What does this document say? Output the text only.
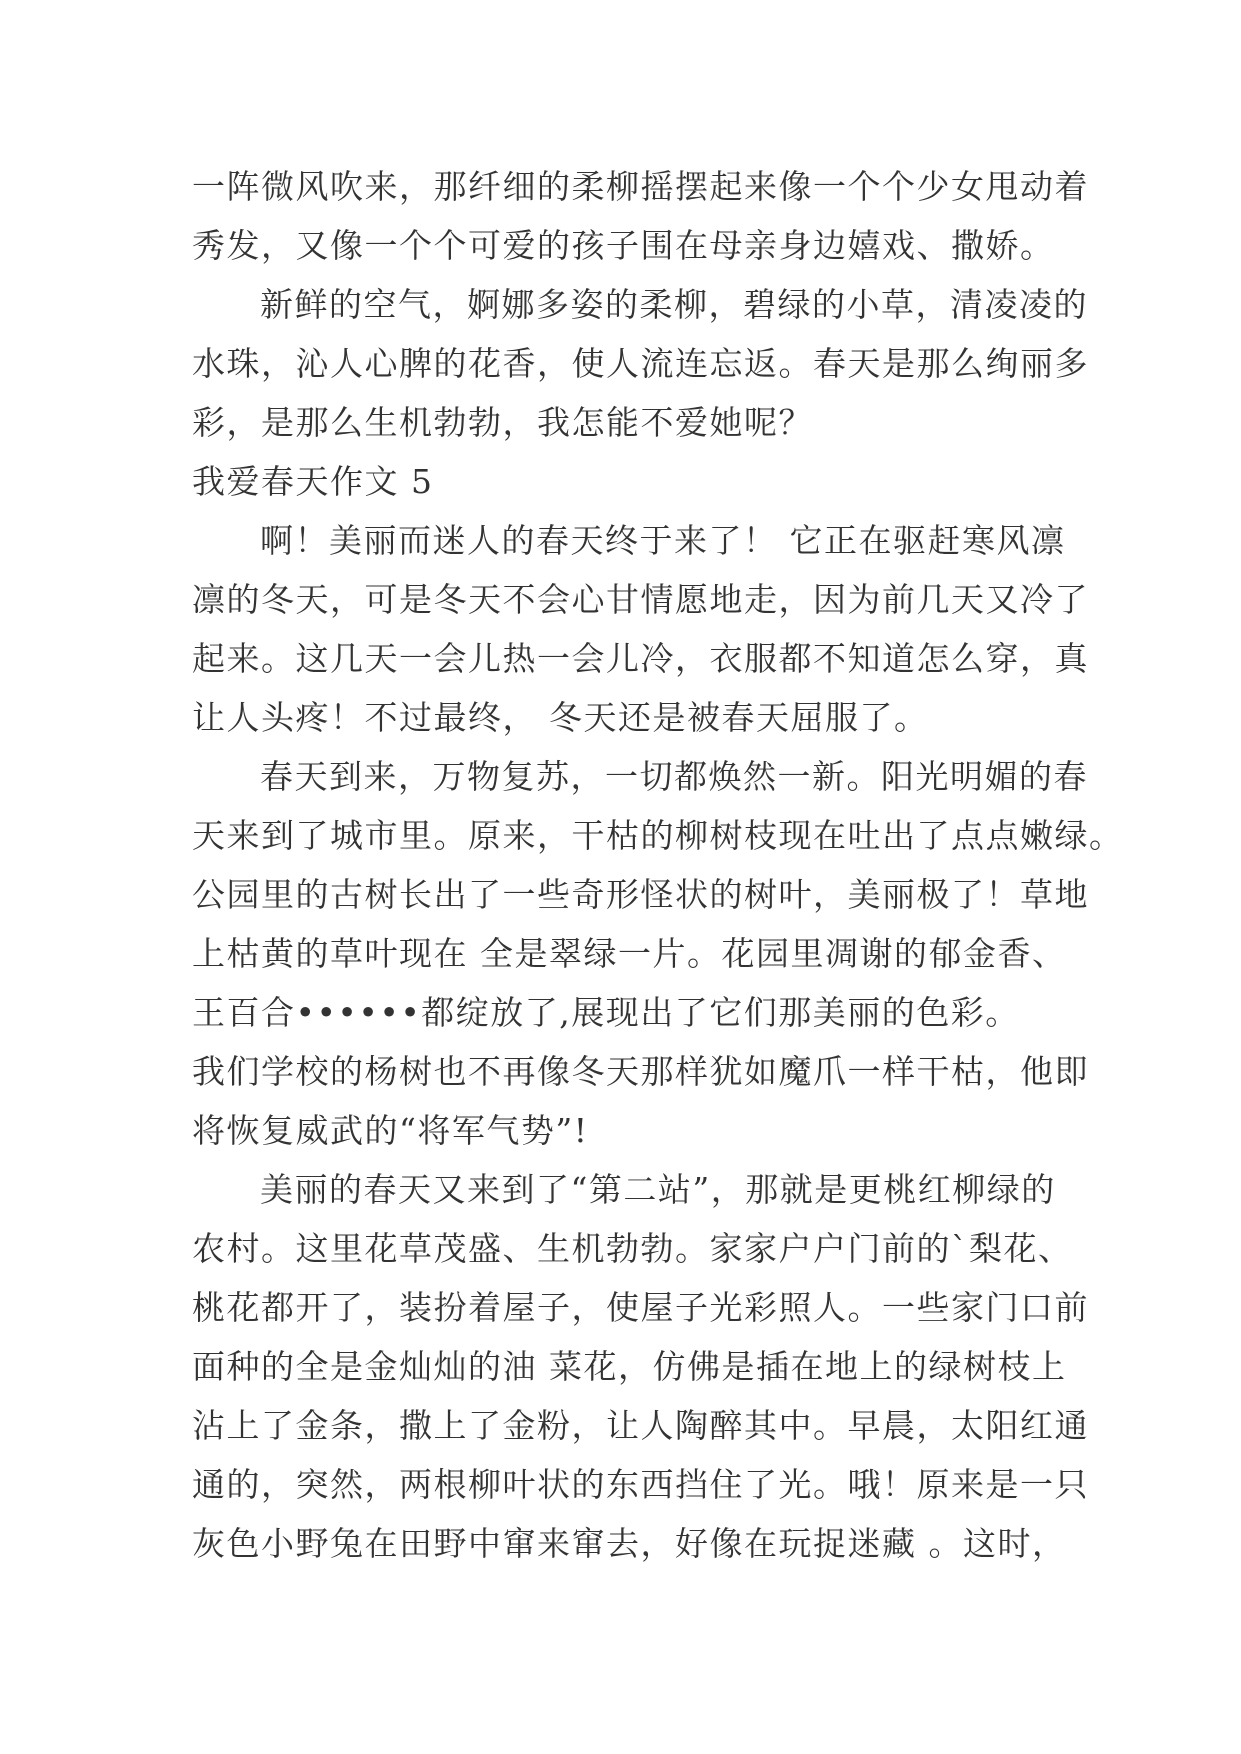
一阵微风吹来，那纤细的柔柳摇摆起来像一个个少女甩动着
秀发，又像一个个可爱的孩子围在母亲身边嬉戏、撒娇。
新鲜的空气，婀娜多姿的柔柳，碧绿的小草，清凌凌的
水珠，沁人心脾的花香，使人流连忘返。春天是那么绚丽多
彩，是那么生机勃勃，我怎能不爱她呢？
我爱春天作文 5
啊！美丽而迷人的春天终于来了！ 它正在驱赶寒风凛
凛的冬天，可是冬天不会心甘情愿地走，因为前几天又冷了
起来。这几天一会儿热一会儿冷，衣服都不知道怎么穿，真
让人头疼！不过最终， 冬天还是被春天屈服了。
春天到来，万物复苏，一切都焕然一新。阳光明媚的春
天来到了城市里。原来，干枯的柳树枝现在吐出了点点嫩绿。
公园里的古树长出了一些奇形怪状的树叶，美丽极了！草地
上枯黄的草叶现在 全是翠绿一片。花园里凋谢的郁金香、
王百合••••••都绽放了,展现出了它们那美丽的色彩。
我们学校的杨树也不再像冬天那样犹如魔爪一样干枯，他即
将恢复威武的“将军气势”!
美丽的春天又来到了“第二站”，那就是更桃红柳绿的
农村。这里花草茂盛、生机勃勃。家家户户门前的`梨花、
桃花都开了，装扮着屋子，使屋子光彩照人。一些家门口前
面种的全是金灿灿的油 菜花，仿佛是插在地上的绿树枝上
沾上了金条，撒上了金粉，让人陶醉其中。早晨，太阳红通
通的，突然，两根柳叶状的东西挡住了光。哦！原来是一只
灰色小野兔在田野中窜来窜去，好像在玩捉迷藏 。这时，
